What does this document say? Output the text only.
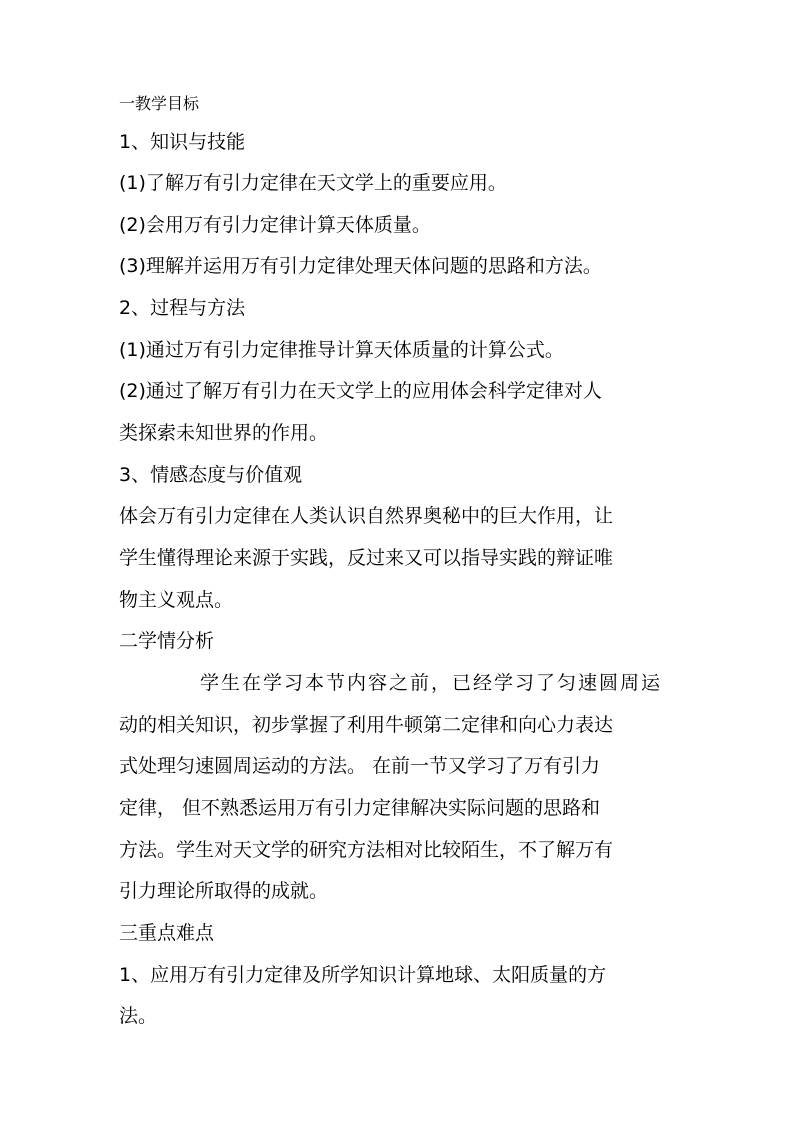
一教学目标

1、知识与技能

(1)了解万有引力定律在天文学上的重要应用。

(2)会用万有引力定律计算天体质量。

(3)理解并运用万有引力定律处理天体问题的思路和方法。

2、过程与方法

(1)通过万有引力定律推导计算天体质量的计算公式。

(2)通过了解万有引力在天文学上的应用体会科学定律对人

类探索未知世界的作用。

3、情感态度与价值观

体会万有引力定律在人类认识自然界奥秘中的巨大作用，让

学生懂得理论来源于实践，反过来又可以指导实践的辩证唯

物主义观点。

二学情分析

学生在学习本节内容之前，已经学习了匀速圆周运

动的相关知识，初步掌握了利用牛顿第二定律和向心力表达

式处理匀速圆周运动的方法。 在前一节又学习了万有引力

定律， 但不熟悉运用万有引力定律解决实际问题的思路和

方法。学生对天文学的研究方法相对比较陌生，不了解万有

引力理论所取得的成就。

三重点难点

1、应用万有引力定律及所学知识计算地球、太阳质量的方

法。
